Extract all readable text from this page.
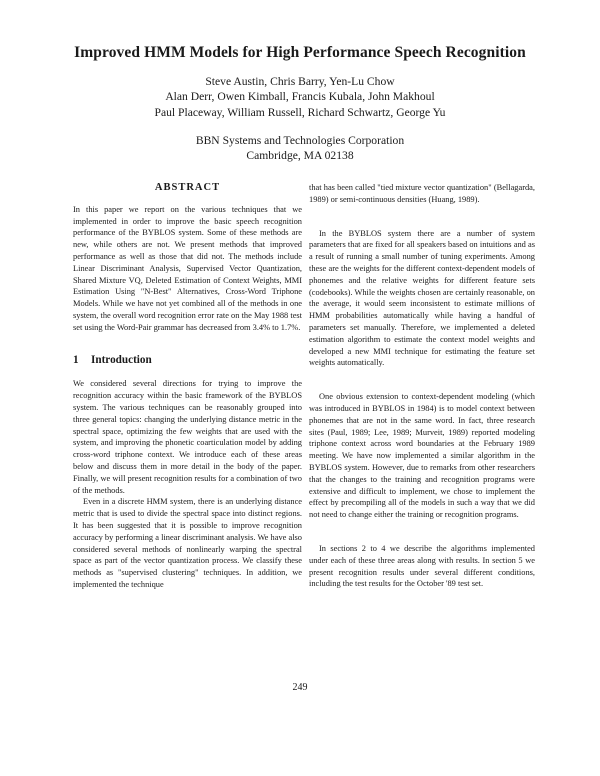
Improved HMM Models for High Performance Speech Recognition
Steve Austin, Chris Barry, Yen-Lu Chow
Alan Derr, Owen Kimball, Francis Kubala, John Makhoul
Paul Placeway, William Russell, Richard Schwartz, George Yu
BBN Systems and Technologies Corporation
Cambridge, MA 02138
ABSTRACT

In this paper we report on the various techniques that we implemented in order to improve the basic speech recognition performance of the BYBLOS system. Some of these methods are new, while others are not. We present methods that improved performance as well as those that did not. The methods include Linear Discriminant Analysis, Supervised Vector Quantization, Shared Mixture VQ, Deleted Estimation of Context Weights, MMI Estimation Using "N-Best" Alternatives, Cross-Word Triphone Models. While we have not yet combined all of the methods in one system, the overall word recognition error rate on the May 1988 test set using the Word-Pair grammar has decreased from 3.4% to 1.7%.

1 Introduction

We considered several directions for trying to improve the recognition accuracy within the basic framework of the BYBLOS system. The various techniques can be reasonably grouped into three general topics: changing the underlying distance metric in the spectral space, optimizing the few weights that are used with the system, and improving the phonetic coarticulation model by adding cross-word triphone context. We introduce each of these areas below and discuss them in more detail in the body of the paper. Finally, we will present recognition results for a combination of two of the methods.

Even in a discrete HMM system, there is an underlying distance metric that is used to divide the spectral space into distinct regions. It has been suggested that it is possible to improve recognition accuracy by performing a linear discriminant analysis. We have also considered several methods of nonlinearly warping the spectral space as part of the vector quantization process. We classify these methods as "supervised clustering" techniques. In addition, we implemented the technique

that has been called "tied mixture vector quantization" (Bellagarda, 1989) or semi-continuous densities (Huang, 1989).

In the BYBLOS system there are a number of system parameters that are fixed for all speakers based on intuitions and as a result of running a small number of tuning experiments. Among these are the weights for the different context-dependent models of phonemes and the relative weights for different feature sets (codebooks). While the weights chosen are certainly reasonable, on the average, it would seem inconsistent to estimate millions of HMM probabilities automatically while having a handful of parameters set manually. Therefore, we implemented a deleted estimation algorithm to estimate the context model weights and developed a new MMI technique for estimating the feature set weights automatically.

One obvious extension to context-dependent modeling (which was introduced in BYBLOS in 1984) is to model context between phonemes that are not in the same word. In fact, three research sites (Paul, 1989; Lee, 1989; Murveit, 1989) reported modeling triphone context across word boundaries at the February 1989 meeting. We have now implemented a similar algorithm in the BYBLOS system. However, due to remarks from other researchers that the changes to the training and recognition programs were extensive and difficult to implement, we chose to implement the effect by precompiling all of the models in such a way that we did not need to change either the training or recognition programs.

In sections 2 to 4 we describe the algorithms implemented under each of these three areas along with results. In section 5 we present recognition results under several different conditions, including the test results for the October '89 test set.

249
